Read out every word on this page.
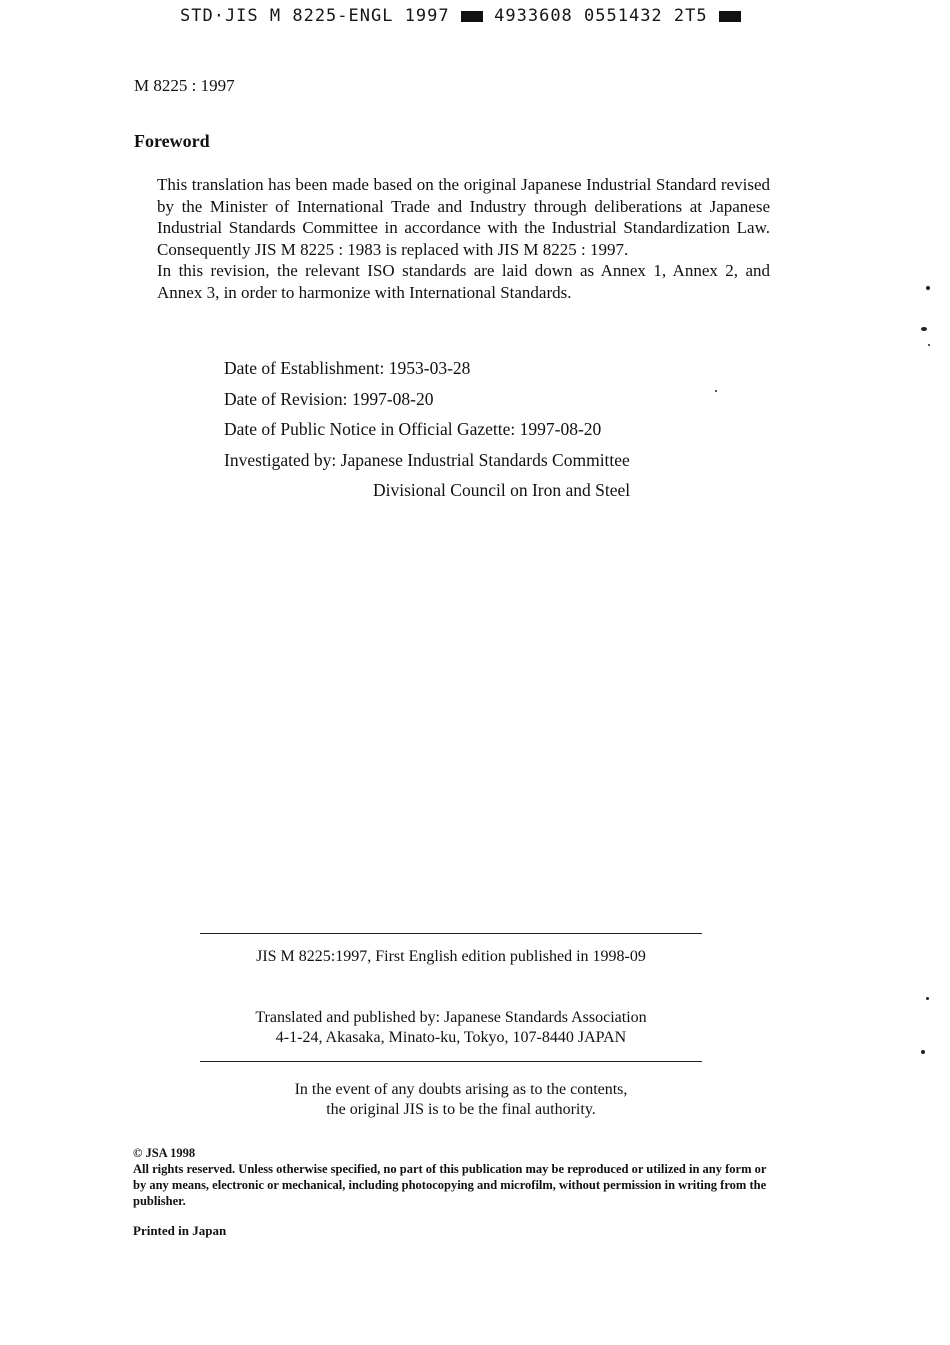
STD·JIS M 8225-ENGL 1997	4933608 0551432 2T5
M 8225 : 1997
Foreword

This translation has been made based on the original Japanese Industrial Standard revised by the Minister of International Trade and Industry through deliberations at Japanese Industrial Standards Committee in accordance with the Industrial Standardization Law. Consequently JIS M 8225 : 1983 is replaced with JIS M 8225 : 1997.

In this revision, the relevant ISO standards are laid down as Annex 1, Annex 2, and Annex 3, in order to harmonize with International Standards.

Date of Establishment: 1953-03-28
Date of Revision: 1997-08-20
Date of Public Notice in Official Gazette: 1997-08-20
Investigated by: Japanese Industrial Standards Committee
Divisional Council on Iron and Steel
JIS M 8225:1997, First English edition published in 1998-09
Translated and published by: Japanese Standards Association
4-1-24, Akasaka, Minato-ku, Tokyo, 107-8440 JAPAN
In the event of any doubts arising as to the contents,
the original JIS is to be the final authority.

© JSA 1998

All rights reserved. Unless otherwise specified, no part of this publication may be reproduced or utilized in any form or by any means, electronic or mechanical, including photocopying and microfilm, without permission in writing from the publisher.

Printed in Japan
